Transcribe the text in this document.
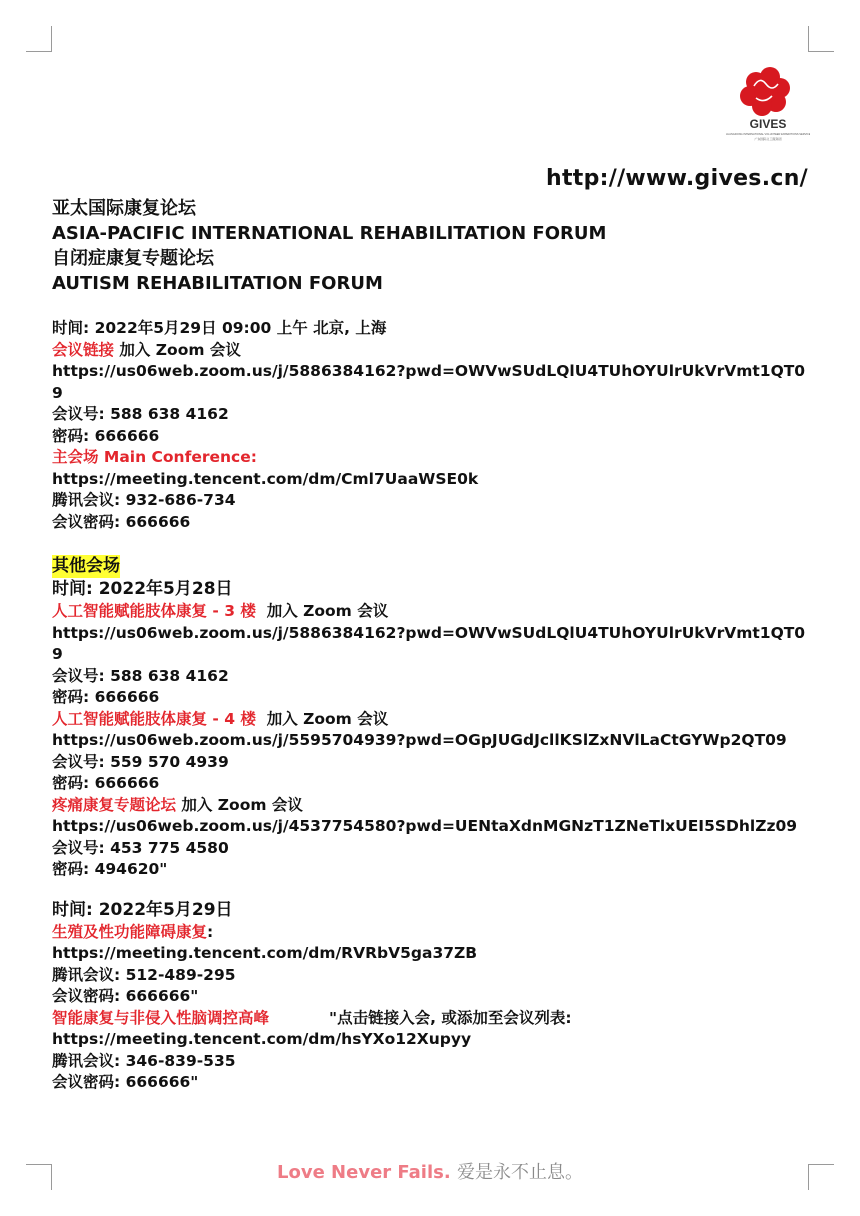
GIVES
GUANGDONG INTERNATIONAL VOLUNTEER EXPEDITIONS SERVICE
广东国际义工服务团
http://www.gives.cn/
亚太国际康复论坛
ASIA-PACIFIC INTERNATIONAL REHABILITATION FORUM
自闭症康复专题论坛
AUTISM REHABILITATION FORUM
时间: 2022年5月29日 09:00 上午 北京, 上海
会议链接 加入 Zoom 会议
https://us06web.zoom.us/j/5886384162?pwd=OWVwSUdLQlU4TUhOYUlrUkVrVmt1QT0
9
会议号: 588 638 4162
密码: 666666
主会场 Main Conference:
https://meeting.tencent.com/dm/Cml7UaaWSE0k
腾讯会议: 932-686-734
会议密码: 666666
其他会场
时间: 2022年5月28日
人工智能赋能肢体康复 - 3 楼  加入 Zoom 会议
https://us06web.zoom.us/j/5886384162?pwd=OWVwSUdLQlU4TUhOYUlrUkVrVmt1QT0
9
会议号: 588 638 4162
密码: 666666
人工智能赋能肢体康复 - 4 楼  加入 Zoom 会议
https://us06web.zoom.us/j/5595704939?pwd=OGpJUGdJcllKSlZxNVlLaCtGYWp2QT09
会议号: 559 570 4939
密码: 666666
疼痛康复专题论坛 加入 Zoom 会议
https://us06web.zoom.us/j/4537754580?pwd=UENtaXdnMGNzT1ZNeTlxUEI5SDhlZz09
会议号: 453 775 4580
密码: 494620"
时间: 2022年5月29日
生殖及性功能障碍康复:
https://meeting.tencent.com/dm/RVRbV5ga37ZB
腾讯会议: 512-489-295
会议密码: 666666"
智能康复与非侵入性脑调控高峰	"点击链接入会, 或添加至会议列表:
https://meeting.tencent.com/dm/hsYXo12Xupyy
腾讯会议: 346-839-535
会议密码: 666666"
Love Never Fails. 爱是永不止息。
